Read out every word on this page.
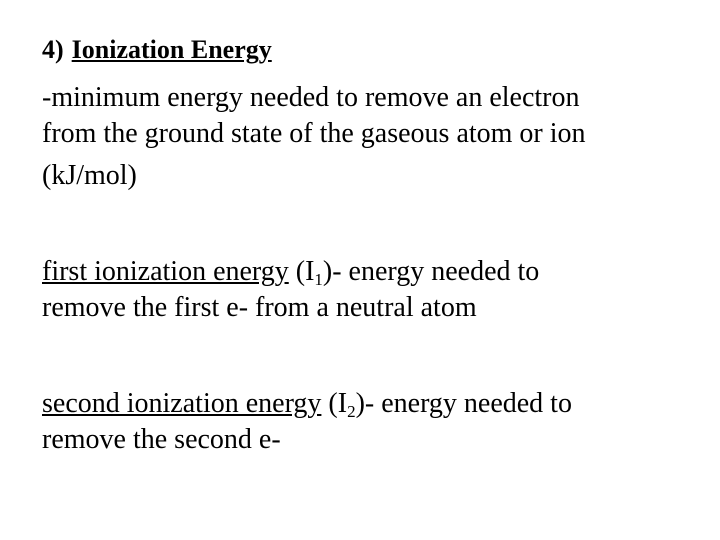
4) Ionization Energy
-minimum energy needed to remove an electron
from the ground state of the gaseous atom or ion
(kJ/mol)
first ionization energy $(I_1)-$ energy needed to
remove the first e- from a neutral atom
second ionization energy $(I_2)-$ energy needed to
remove the second e-
